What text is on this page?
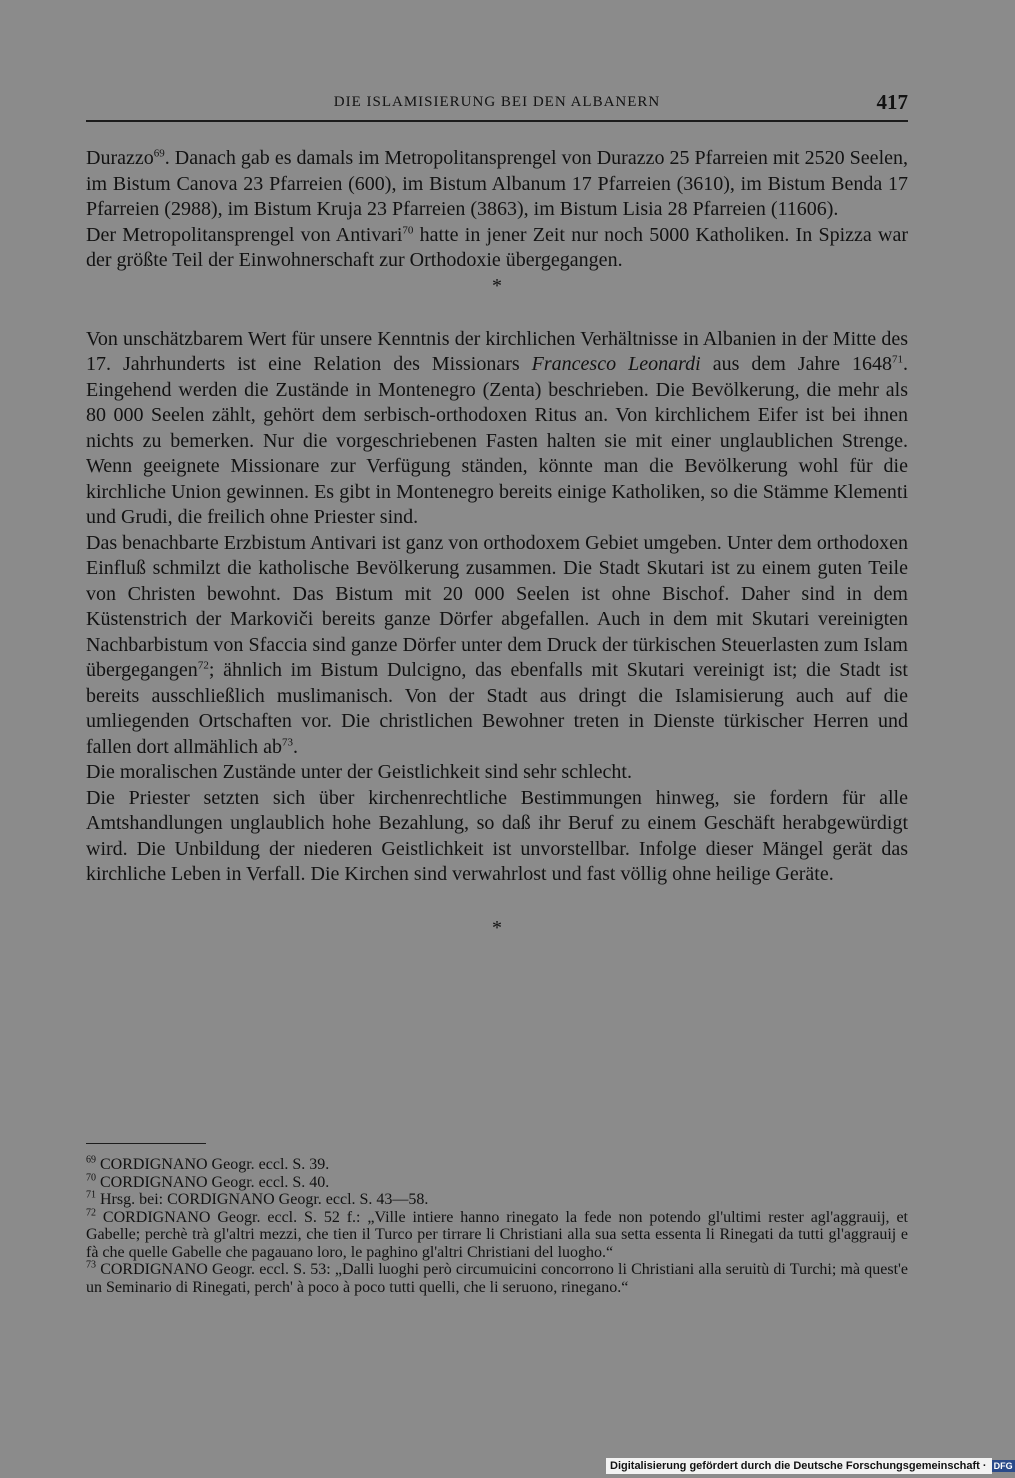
DIE ISLAMISIERUNG BEI DEN ALBANERN	417

Durazzo$^{69}$. Danach gab es damals im Metropolitansprengel von Durazzo 25 Pfarreien mit 2520 Seelen, im Bistum Canova 23 Pfarreien (600), im Bistum Albanum 17 Pfarreien (3610), im Bistum Benda 17 Pfarreien (2988), im Bistum Kruja 23 Pfarreien (3863), im Bistum Lisia 28 Pfarreien (11606).

Der Metropolitansprengel von Antivari$^{70}$ hatte in jener Zeit nur noch 5000 Katholiken. In Spizza war der größte Teil der Einwohnerschaft zur Orthodoxie übergegangen.

*

Von unschätzbarem Wert für unsere Kenntnis der kirchlichen Verhältnisse in Albanien in der Mitte des 17. Jahrhunderts ist eine Relation des Missionars Francesco Leonardi aus dem Jahre 1648$^{71}$. Eingehend werden die Zustände in Montenegro (Zenta) beschrieben. Die Bevölkerung, die mehr als 80 000 Seelen zählt, gehört dem serbisch-orthodoxen Ritus an. Von kirchlichem Eifer ist bei ihnen nichts zu bemerken. Nur die vorgeschriebenen Fasten halten sie mit einer unglaublichen Strenge. Wenn geeignete Missionare zur Verfügung ständen, könnte man die Bevölkerung wohl für die kirchliche Union gewinnen. Es gibt in Montenegro bereits einige Katholiken, so die Stämme Klementi und Grudi, die freilich ohne Priester sind.

Das benachbarte Erzbistum Antivari ist ganz von orthodoxem Gebiet umgeben. Unter dem orthodoxen Einfluß schmilzt die katholische Bevölkerung zusammen. Die Stadt Skutari ist zu einem guten Teile von Christen bewohnt. Das Bistum mit 20 000 Seelen ist ohne Bischof. Daher sind in dem Küstenstrich der Markoviči bereits ganze Dörfer abgefallen. Auch in dem mit Skutari vereinigten Nachbarbistum von Sfaccia sind ganze Dörfer unter dem Druck der türkischen Steuerlasten zum Islam übergegangen$^{72}$; ähnlich im Bistum Dulcigno, das ebenfalls mit Skutari vereinigt ist; die Stadt ist bereits ausschließlich muslimanisch. Von der Stadt aus dringt die Islamisierung auch auf die umliegenden Ortschaften vor. Die christlichen Bewohner treten in Dienste türkischer Herren und fallen dort allmählich $ab^{73}$.

Die moralischen Zustände unter der Geistlichkeit sind sehr schlecht.

Die Priester setzten sich über kirchenrechtliche Bestimmungen hinweg, sie fordern für alle Amtshandlungen unglaublich hohe Bezahlung, so daß ihr Beruf zu einem Geschäft herabgewürdigt wird. Die Unbildung der niederen Geistlichkeit ist unvorstellbar. Infolge dieser Mängel gerät das kirchliche Leben in Verfall. Die Kirchen sind verwahrlost und fast völlig ohne heilige Geräte.

*

$^{69}$ CORDIGNANO Geogr. eccl. S. 39.

$^{70}$ CORDIGNANO Geogr. eccl. S. 40.

$^{71}$ Hrsg. bei: CORDIGNANO Geogr. eccl. S. 43—58.

$^{72}$ CORDIGNANO Geogr. eccl. S. 52 f.: „Ville intiere hanno rinegato la fede non potendo gl'ultimi rester agl'aggrauij, et Gabelle; perchè trà gl'altri mezzi, che tien il Turco per tirrare li Christiani alla sua setta essenta li Rinegati da tutti gl'aggrauij e fà che quelle Gabelle che pagauano loro, le paghino gl'altri Christiani del luogho.“

$^{73}$ CORDIGNANO Geogr. eccl. S. 53: „Dalli luoghi però circumuicini concorrono li Christiani alla seruitù di Turchi; mà quest'e un Seminario di Rinegati, perch' à poco à poco tutti quelli, che li seruono, rinegano.“

Digitalisierung gefördert durch die Deutsche Forschungsgemeinschaft · DFG
